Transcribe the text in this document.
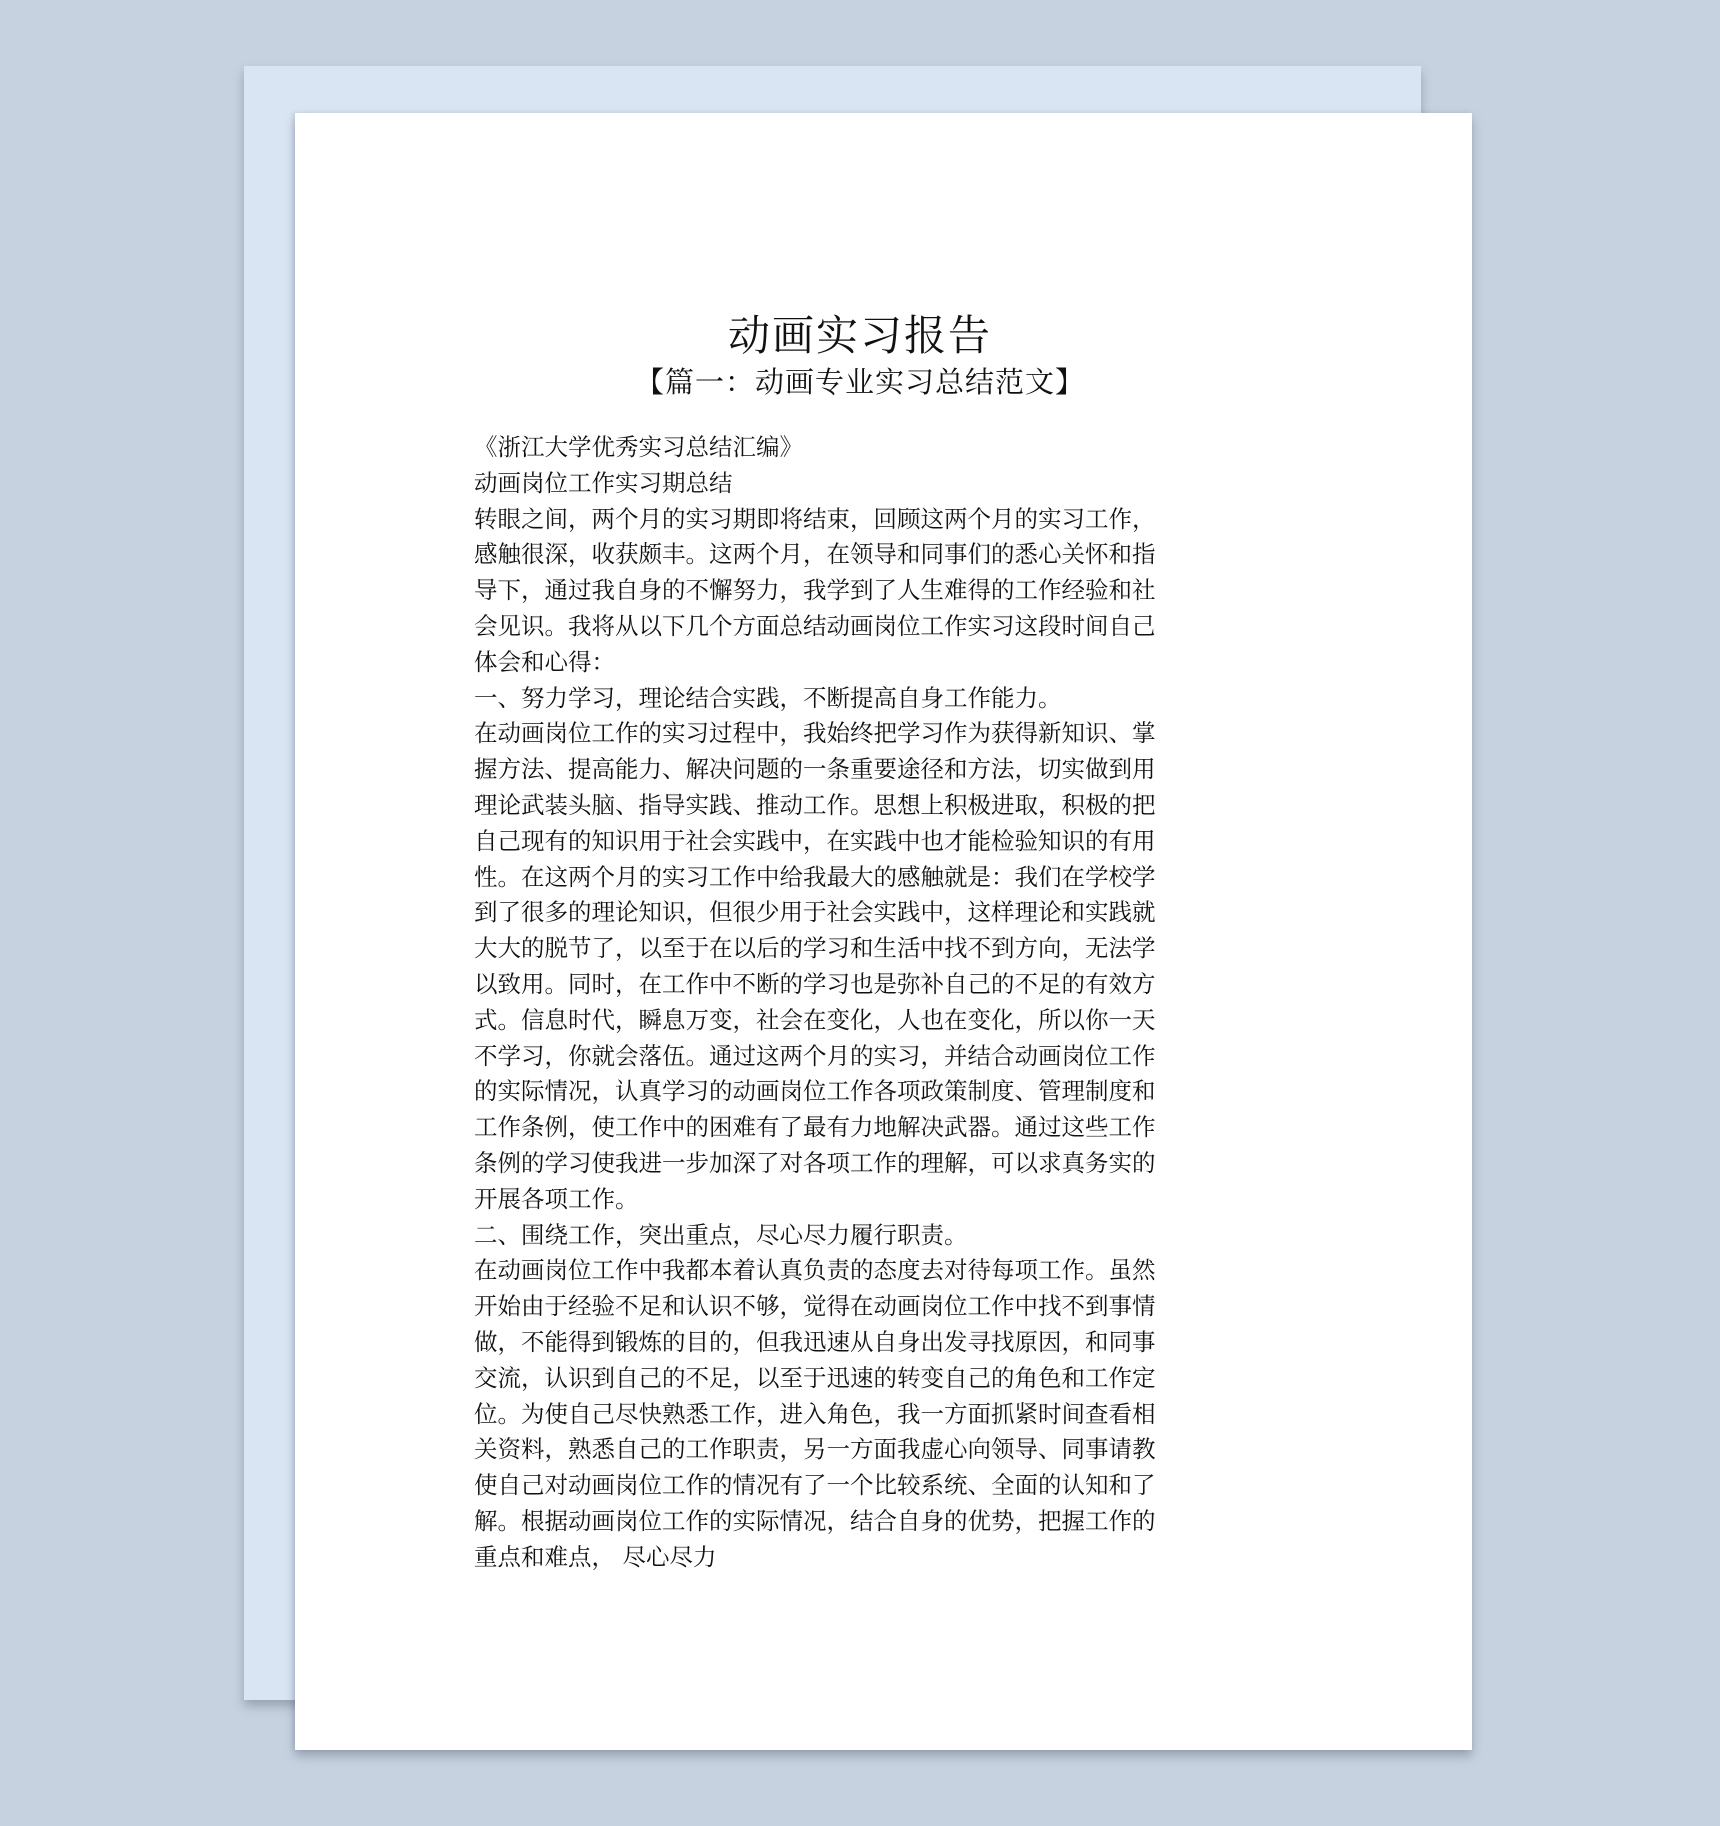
动画实习报告
【篇一：动画专业实习总结范文】
《浙江大学优秀实习总结汇编》
动画岗位工作实习期总结
转眼之间，两个月的实习期即将结束，回顾这两个月的实习工作，
感触很深，收获颇丰。这两个月，在领导和同事们的悉心关怀和指
导下，通过我自身的不懈努力，我学到了人生难得的工作经验和社
会见识。我将从以下几个方面总结动画岗位工作实习这段时间自己
体会和心得：
一、努力学习，理论结合实践，不断提高自身工作能力。
在动画岗位工作的实习过程中，我始终把学习作为获得新知识、掌
握方法、提高能力、解决问题的一条重要途径和方法，切实做到用
理论武装头脑、指导实践、推动工作。思想上积极进取，积极的把
自己现有的知识用于社会实践中，在实践中也才能检验知识的有用
性。在这两个月的实习工作中给我最大的感触就是：我们在学校学
到了很多的理论知识，但很少用于社会实践中，这样理论和实践就
大大的脱节了，以至于在以后的学习和生活中找不到方向，无法学
以致用。同时，在工作中不断的学习也是弥补自己的不足的有效方
式。信息时代，瞬息万变，社会在变化，人也在变化，所以你一天
不学习，你就会落伍。通过这两个月的实习，并结合动画岗位工作
的实际情况，认真学习的动画岗位工作各项政策制度、管理制度和
工作条例，使工作中的困难有了最有力地解决武器。通过这些工作
条例的学习使我进一步加深了对各项工作的理解，可以求真务实的
开展各项工作。
二、围绕工作，突出重点，尽心尽力履行职责。
在动画岗位工作中我都本着认真负责的态度去对待每项工作。虽然
开始由于经验不足和认识不够，觉得在动画岗位工作中找不到事情
做，不能得到锻炼的目的，但我迅速从自身出发寻找原因，和同事
交流，认识到自己的不足，以至于迅速的转变自己的角色和工作定
位。为使自己尽快熟悉工作，进入角色，我一方面抓紧时间查看相
关资料，熟悉自己的工作职责，另一方面我虚心向领导、同事请教
使自己对动画岗位工作的情况有了一个比较系统、全面的认知和了
解。根据动画岗位工作的实际情况，结合自身的优势，把握工作的
重点和难点， 尽心尽力
